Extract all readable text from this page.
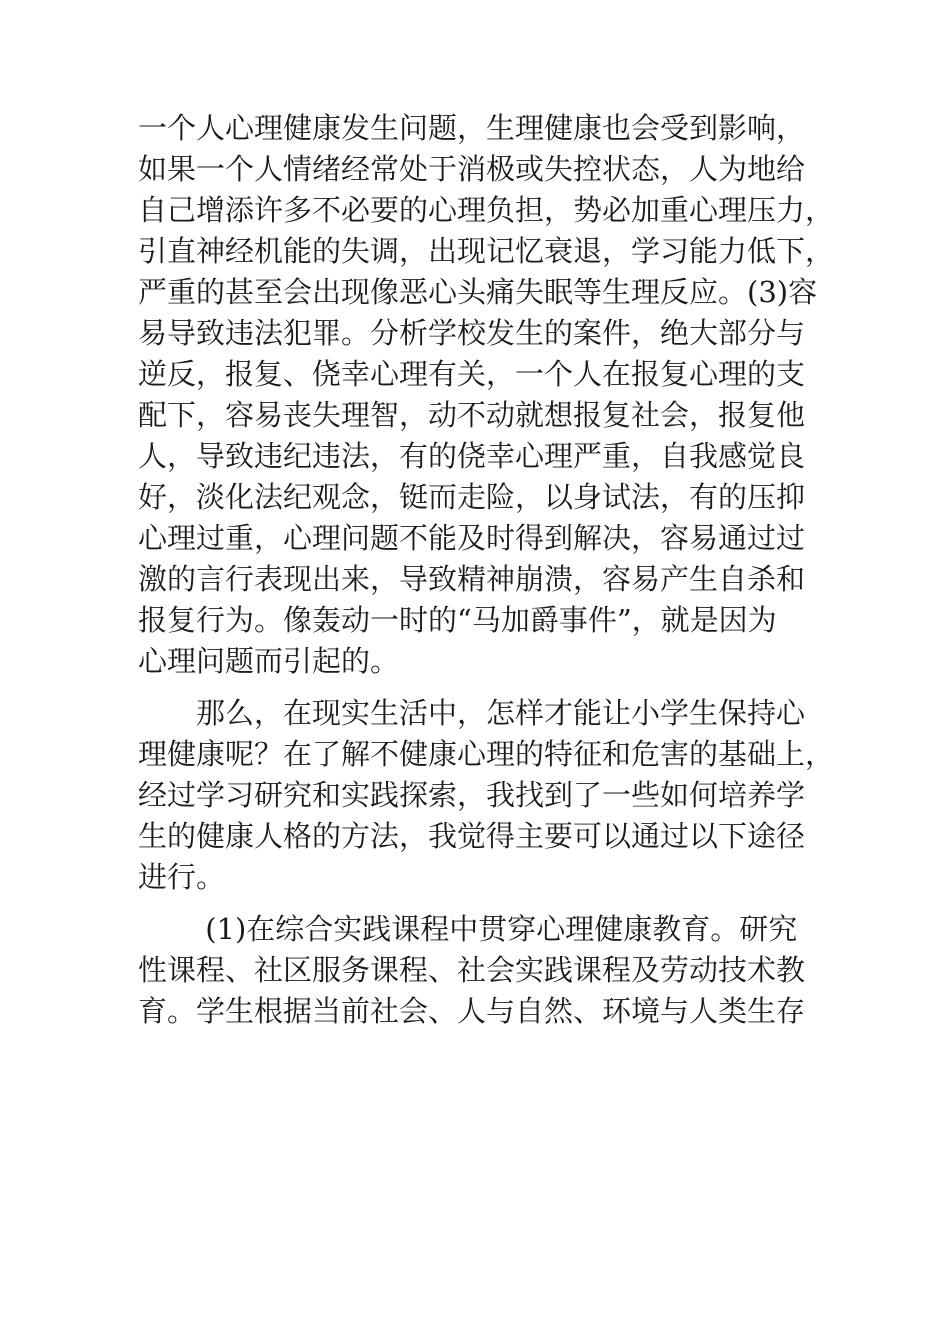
一个人心理健康发生问题，生理健康也会受到影响，
如果一个人情绪经常处于消极或失控状态，人为地给
自己增添许多不必要的心理负担，势必加重心理压力，
引直神经机能的失调，出现记忆衰退，学习能力低下，
严重的甚至会出现像恶心头痛失眠等生理反应。(3)容
易导致违法犯罪。分析学校发生的案件，绝大部分与
逆反，报复、侥幸心理有关，一个人在报复心理的支
配下，容易丧失理智，动不动就想报复社会，报复他
人，导致违纪违法，有的侥幸心理严重，自我感觉良
好，淡化法纪观念，铤而走险，以身试法，有的压抑
心理过重，心理问题不能及时得到解决，容易通过过
激的言行表现出来，导致精神崩溃，容易产生自杀和
报复行为。像轰动一时的“马加爵事件”，就是因为
心理问题而引起的。
　　那么，在现实生活中，怎样才能让小学生保持心
理健康呢？在了解不健康心理的特征和危害的基础上，
经过学习研究和实践探索，我找到了一些如何培养学
生的健康人格的方法，我觉得主要可以通过以下途径
进行。
　　 (1)在综合实践课程中贯穿心理健康教育。研究
性课程、社区服务课程、社会实践课程及劳动技术教
育。学生根据当前社会、人与自然、环境与人类生存
